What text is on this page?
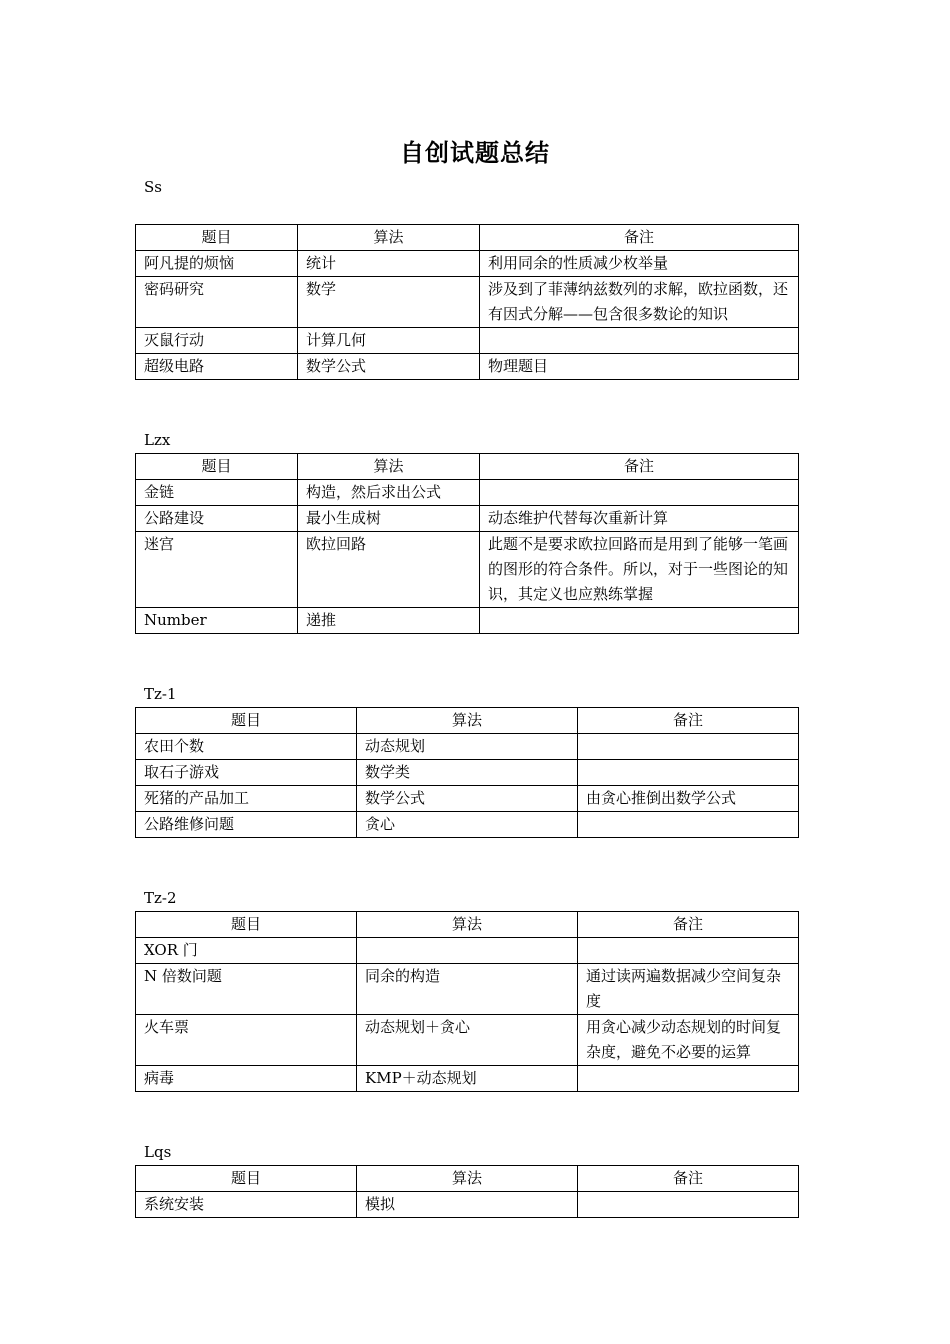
自创试题总结
Ss
题目	算法	备注
阿凡提的烦恼	统计	利用同余的性质减少枚举量
密码研究	数学	涉及到了菲薄纳兹数列的求解，欧拉函数，还有因式分解——包含很多数论的知识
灭鼠行动	计算几何	
超级电路	数学公式	物理题目
Lzx
题目	算法	备注
金链	构造，然后求出公式	
公路建设	最小生成树	动态维护代替每次重新计算
迷宫	欧拉回路	此题不是要求欧拉回路而是用到了能够一笔画的图形的符合条件。所以，对于一些图论的知识，其定义也应熟练掌握
Number	递推	
Tz-1
题目	算法	备注
农田个数	动态规划	
取石子游戏	数学类	
死猪的产品加工	数学公式	由贪心推倒出数学公式
公路维修问题	贪心	
Tz-2
题目	算法	备注
XOR 门		
N 倍数问题	同余的构造	通过读两遍数据减少空间复杂度
火车票	动态规划＋贪心	用贪心减少动态规划的时间复杂度，避免不必要的运算
病毒	KMP＋动态规划	
Lqs
题目	算法	备注
系统安装	模拟	
